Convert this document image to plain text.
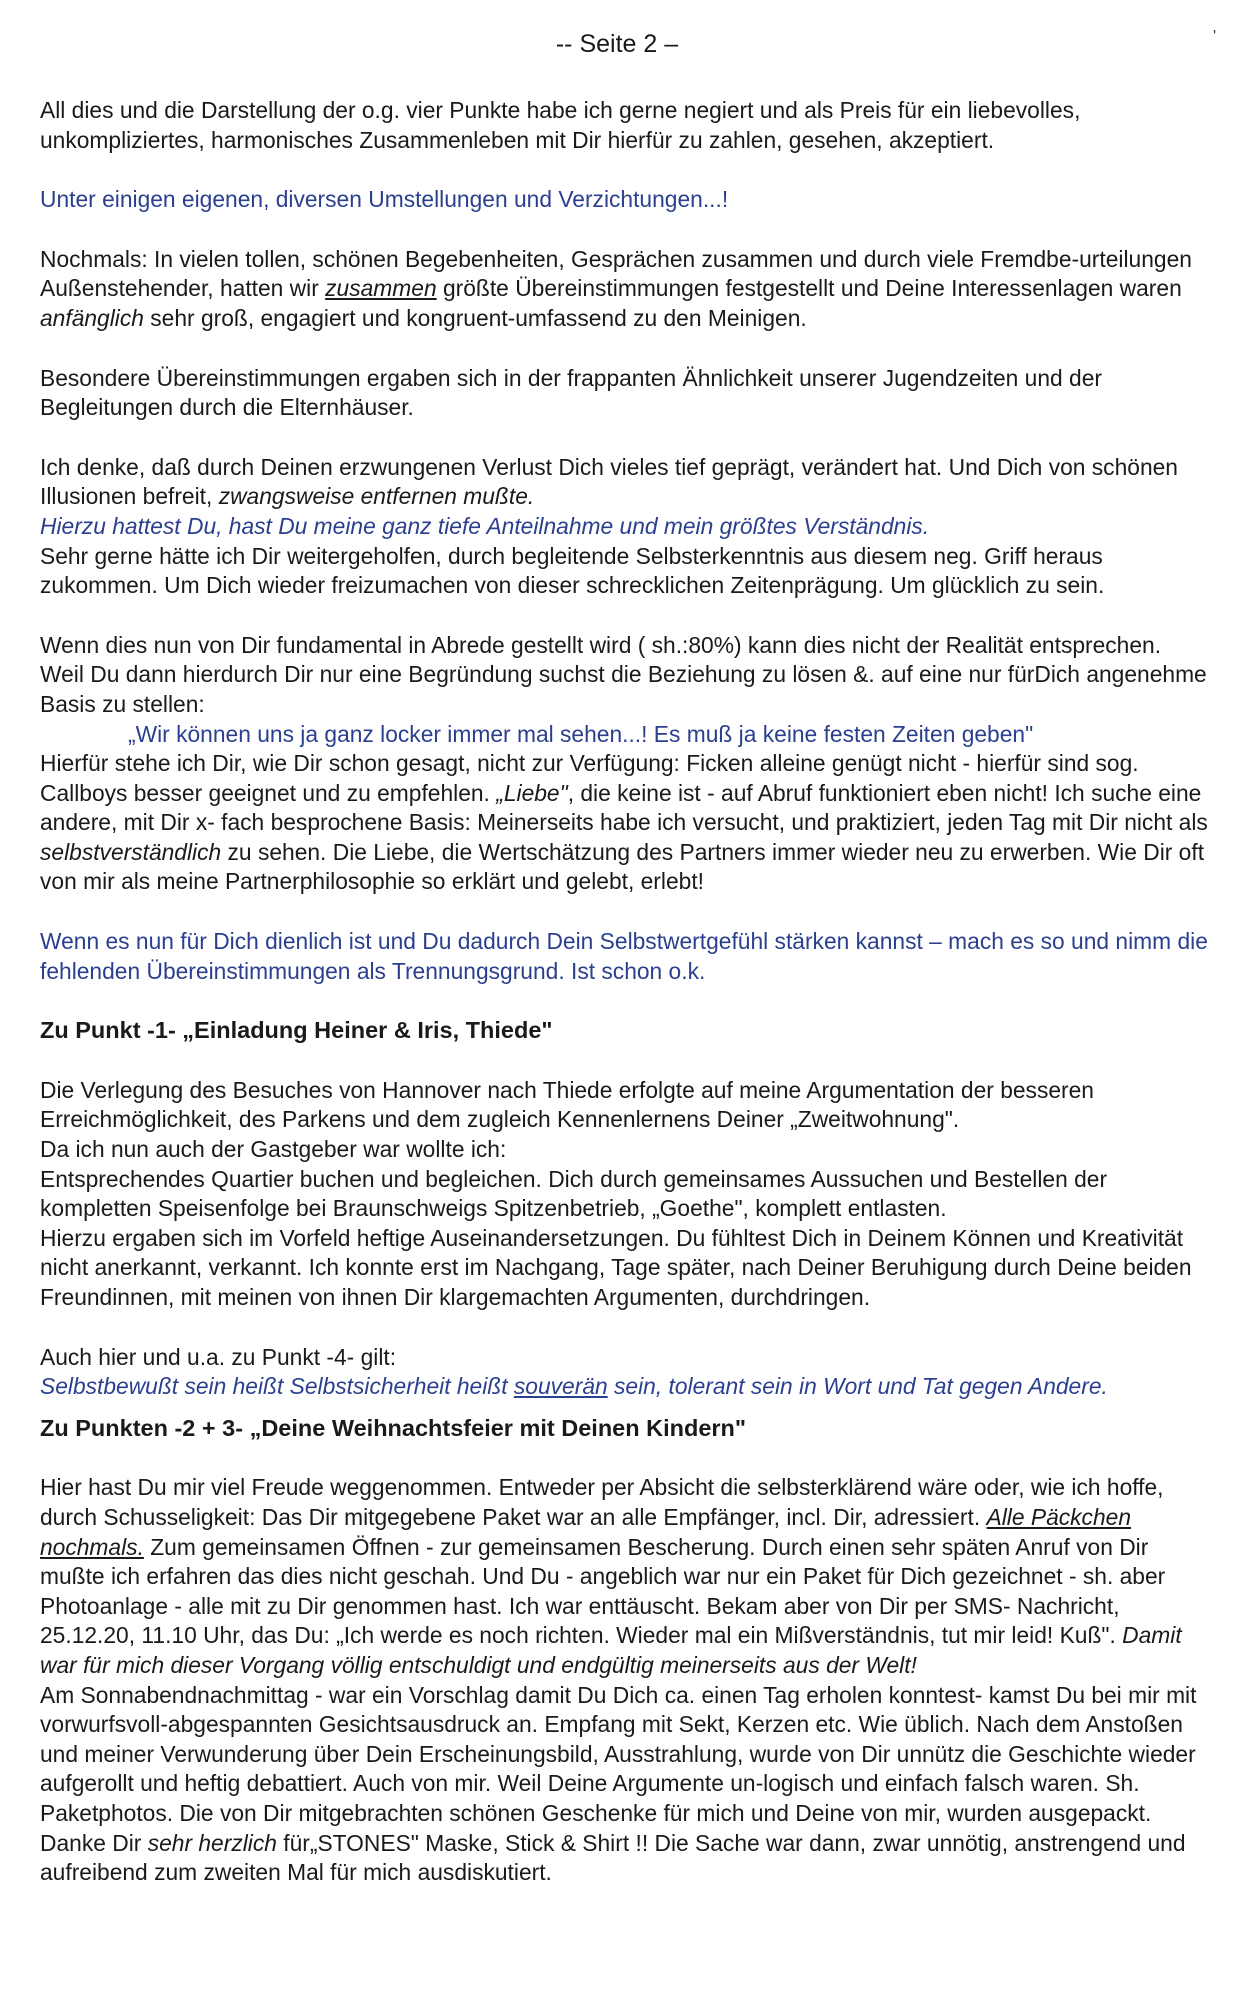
-- Seite 2 –	'

All dies und die Darstellung der o.g. vier Punkte habe ich gerne negiert und als Preis für ein liebevolles, unkompliziertes, harmonisches Zusammenleben mit Dir hierfür zu zahlen, gesehen, akzeptiert.

Unter einigen eigenen, diversen Umstellungen und Verzichtungen...!

Nochmals: In vielen tollen, schönen Begebenheiten, Gesprächen zusammen und durch viele Fremdbe-urteilungen Außenstehender, hatten wir zusammen größte Übereinstimmungen festgestellt und Deine Interessenlagen waren anfänglich sehr groß, engagiert und kongruent-umfassend zu den Meinigen.

Besondere Übereinstimmungen ergaben sich in der frappanten Ähnlichkeit unserer Jugendzeiten und der Begleitungen durch die Elternhäuser.

Ich denke, daß durch Deinen erzwungenen Verlust Dich vieles tief geprägt, verändert hat. Und Dich von schönen Illusionen befreit, zwangsweise entfernen mußte.

Hierzu hattest Du, hast Du meine ganz tiefe Anteilnahme und mein größtes Verständnis.

Sehr gerne hätte ich Dir weitergeholfen, durch begleitende Selbsterkenntnis aus diesem neg. Griff heraus zukommen. Um Dich wieder freizumachen von dieser schrecklichen Zeitenprägung. Um glücklich zu sein.

Wenn dies nun von Dir fundamental in Abrede gestellt wird ( sh.:80%) kann dies nicht der Realität entsprechen.

Weil Du dann hierdurch Dir nur eine Begründung suchst die Beziehung zu lösen &. auf eine nur fürDich angenehme Basis zu stellen:

„Wir können uns ja ganz locker immer mal sehen...! Es muß ja keine festen Zeiten geben"

Hierfür stehe ich Dir, wie Dir schon gesagt, nicht zur Verfügung: Ficken alleine genügt nicht - hierfür sind sog. Callboys besser geeignet und zu empfehlen. „Liebe", die keine ist - auf Abruf funktioniert eben nicht! Ich suche eine andere, mit Dir x- fach besprochene Basis: Meinerseits habe ich versucht, und praktiziert, jeden Tag mit Dir nicht als selbstverständlich zu sehen. Die Liebe, die Wertschätzung des Partners immer wieder neu zu erwerben. Wie Dir oft von mir als meine Partnerphilosophie so erklärt und gelebt, erlebt!

Wenn es nun für Dich dienlich ist und Du dadurch Dein Selbstwertgefühl stärken kannst – mach es so und nimm die fehlenden Übereinstimmungen als Trennungsgrund. Ist schon o.k.

Zu Punkt -1- „Einladung Heiner & Iris, Thiede"

Die Verlegung des Besuches von Hannover nach Thiede erfolgte auf meine Argumentation der besseren Erreichmöglichkeit, des Parkens und dem zugleich Kennenlernens Deiner „Zweitwohnung".

Da ich nun auch der Gastgeber war wollte ich:

Entsprechendes Quartier buchen und begleichen. Dich durch gemeinsames Aussuchen und Bestellen der kompletten Speisenfolge bei Braunschweigs Spitzenbetrieb, „Goethe", komplett entlasten.

Hierzu ergaben sich im Vorfeld heftige Auseinandersetzungen. Du fühltest Dich in Deinem Können und Kreativität nicht anerkannt, verkannt. Ich konnte erst im Nachgang, Tage später, nach Deiner Beruhigung durch Deine beiden Freundinnen, mit meinen von ihnen Dir klargemachten Argumenten, durchdringen.

Auch hier und u.a. zu Punkt -4- gilt:

Selbstbewußt sein heißt Selbstsicherheit heißt souverän sein, tolerant sein in Wort und Tat gegen Andere.

Zu Punkten -2 + 3- „Deine Weihnachtsfeier mit Deinen Kindern"

Hier hast Du mir viel Freude weggenommen. Entweder per Absicht die selbsterklärend wäre oder, wie ich hoffe, durch Schusseligkeit: Das Dir mitgegebene Paket war an alle Empfänger, incl. Dir, adressiert. Alle Päckchen nochmals. Zum gemeinsamen Öffnen - zur gemeinsamen Bescherung. Durch einen sehr späten Anruf von Dir mußte ich erfahren das dies nicht geschah. Und Du - angeblich war nur ein Paket für Dich gezeichnet - sh. aber Photoanlage - alle mit zu Dir genommen hast. Ich war enttäuscht. Bekam aber von Dir per SMS- Nachricht, 25.12.20, 11.10 Uhr, das Du: „Ich werde es noch richten. Wieder mal ein Mißverständnis, tut mir leid! Kuß". Damit war für mich dieser Vorgang völlig entschuldigt und endgültig meinerseits aus der Welt!

Am Sonnabendnachmittag - war ein Vorschlag damit Du Dich ca. einen Tag erholen konntest- kamst Du bei mir mit vorwurfsvoll-abgespannten Gesichtsausdruck an. Empfang mit Sekt, Kerzen etc. Wie üblich. Nach dem Anstoßen und meiner Verwunderung über Dein Erscheinungsbild, Ausstrahlung, wurde von Dir unnütz die Geschichte wieder aufgerollt und heftig debattiert. Auch von mir. Weil Deine Argumente un-logisch und einfach falsch waren. Sh. Paketphotos. Die von Dir mitgebrachten schönen Geschenke für mich und Deine von mir, wurden ausgepackt. Danke Dir sehr herzlich für„STONES" Maske, Stick & Shirt !! Die Sache war dann, zwar unnötig, anstrengend und aufreibend zum zweiten Mal für mich ausdiskutiert.
